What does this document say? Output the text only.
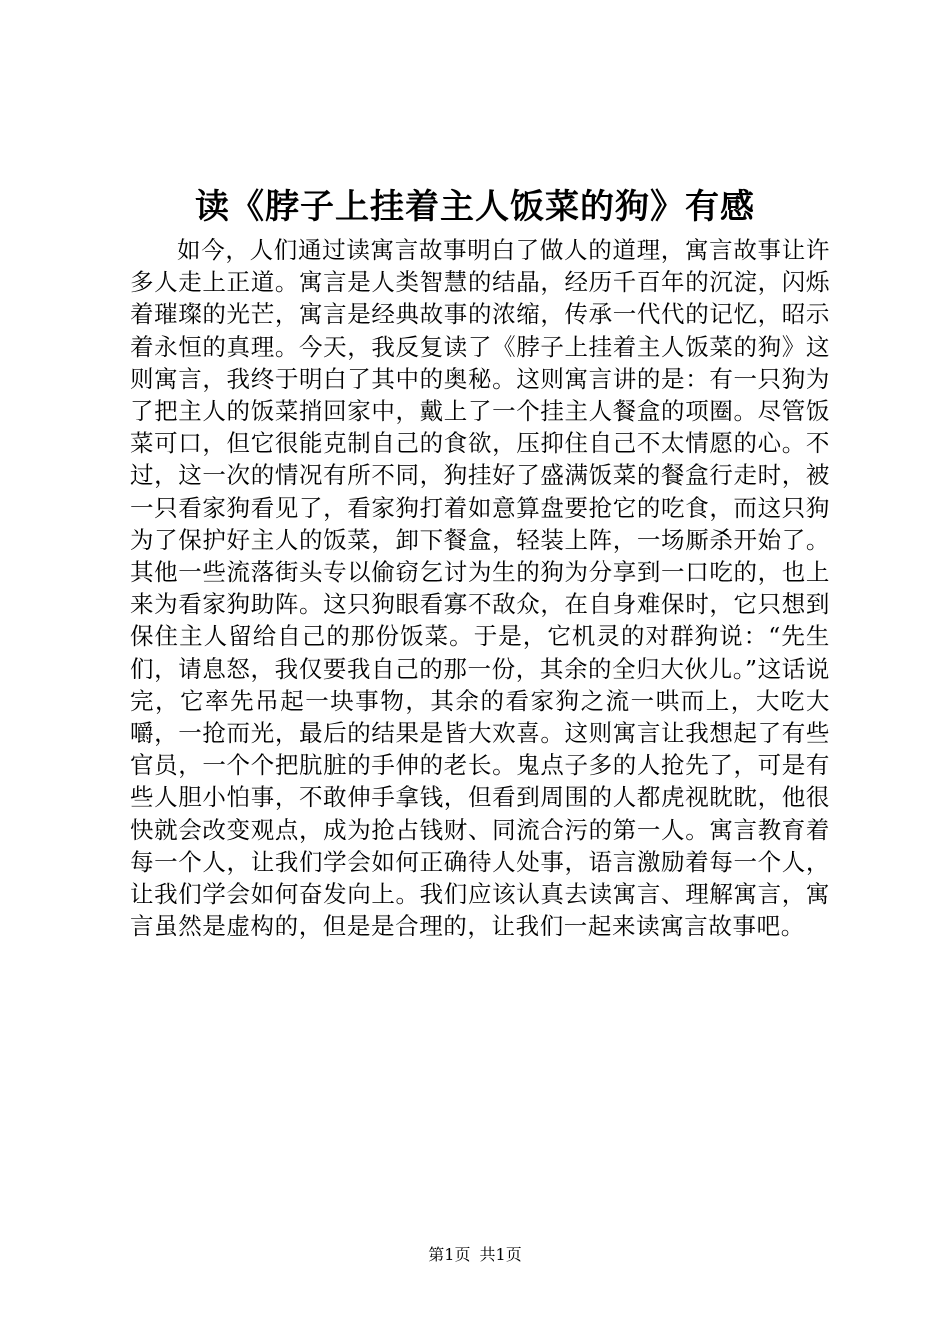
读《脖子上挂着主人饭菜的狗》有感

如今，人们通过读寓言故事明白了做人的道理，寓言故事让许多人走上正道。寓言是人类智慧的结晶，经历千百年的沉淀，闪烁着璀璨的光芒，寓言是经典故事的浓缩，传承一代代的记忆，昭示着永恒的真理。今天，我反复读了《脖子上挂着主人饭菜的狗》这则寓言，我终于明白了其中的奥秘。这则寓言讲的是：有一只狗为了把主人的饭菜捎回家中，戴上了一个挂主人餐盒的项圈。尽管饭菜可口，但它很能克制自己的食欲，压抑住自己不太情愿的心。不过，这一次的情况有所不同，狗挂好了盛满饭菜的餐盒行走时，被一只看家狗看见了，看家狗打着如意算盘要抢它的吃食，而这只狗为了保护好主人的饭菜，卸下餐盒，轻装上阵，一场厮杀开始了。其他一些流落街头专以偷窃乞讨为生的狗为分享到一口吃的，也上来为看家狗助阵。这只狗眼看寡不敌众，在自身难保时，它只想到保住主人留给自己的那份饭菜。于是，它机灵的对群狗说：“先生们，请息怒，我仅要我自己的那一份，其余的全归大伙儿。”这话说完，它率先吊起一块事物，其余的看家狗之流一哄而上，大吃大嚼，一抢而光，最后的结果是皆大欢喜。这则寓言让我想起了有些官员，一个个把肮脏的手伸的老长。鬼点子多的人抢先了，可是有些人胆小怕事，不敢伸手拿钱，但看到周围的人都虎视眈眈，他很快就会改变观点，成为抢占钱财、同流合污的第一人。寓言教育着每一个人，让我们学会如何正确待人处事，语言激励着每一个人，让我们学会如何奋发向上。我们应该认真去读寓言、理解寓言，寓言虽然是虚构的，但是是合理的，让我们一起来读寓言故事吧。

第1页 共1页
